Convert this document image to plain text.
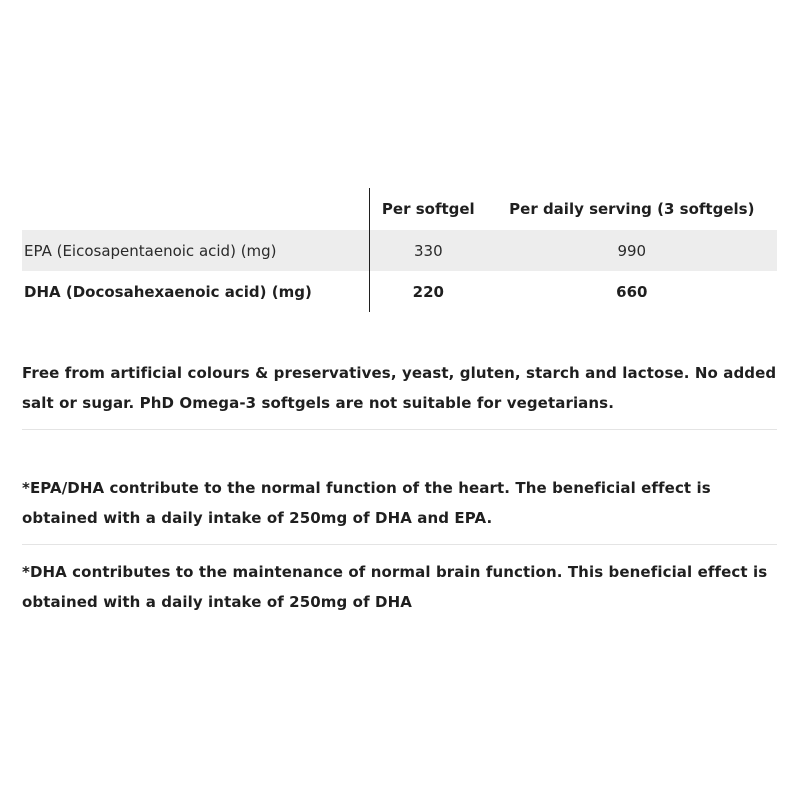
	Per softgel	Per daily serving (3 softgels)
EPA (Eicosapentaenoic acid) (mg)	330	990
DHA (Docosahexaenoic acid) (mg)	220	660

Free from artificial colours & preservatives, yeast, gluten, starch and lactose. No added salt or sugar. PhD Omega-3 softgels are not suitable for vegetarians.

*EPA/DHA contribute to the normal function of the heart. The beneficial effect is obtained with a daily intake of 250mg of DHA and EPA.

*DHA contributes to the maintenance of normal brain function. This beneficial effect is obtained with a daily intake of 250mg of DHA
